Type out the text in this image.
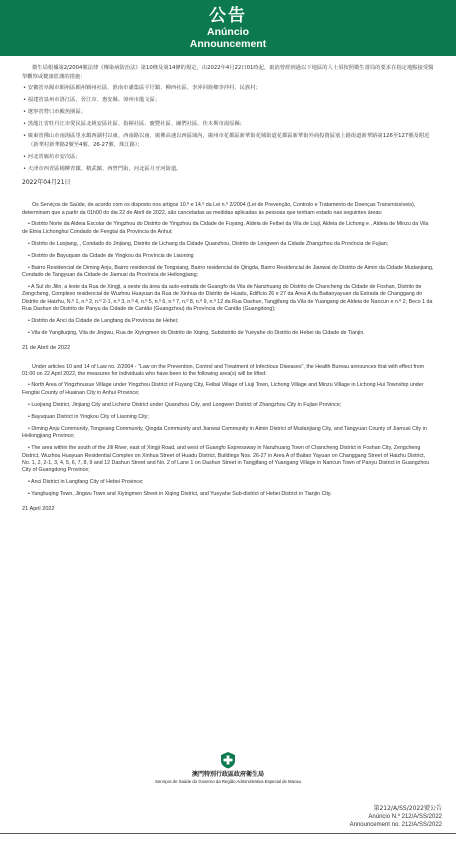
公告
Anúncio
Announcement

衛生局根據第2/2004號法律《傳染病防治法》第10條及第14條的規定，由2022年4月22日01時起，取消曾經到過以下地區的人士須按照衛生當局的要求在指定地點接受醫學觀察或健康監測的措施：

• 安徽省阜陽市穎州區穎州穎州社區、淮南市潘集區平圩鎮、柳西社區、李沖回族鄉李沖村、民族村；

• 福建省泉州市洛江區、晉江市、惠安縣、漳州市龍文區；

• 遼寧省營口市鮁魚圈區；

• 黑龍江省牡丹江市愛民區北姚安區社區、指揮社區、慶豐社區、圖們社區、佳木斯市湯原縣；

• 廣東省佛山市南海區里水鎮西湖村以東、西南路以南、廣佛高速以西區域內，廣州市花都區新華街花城街道花都區新華街外商投資區塞上路街道新華路第126至127號及附近（新華村新華路2號至4號、26-27號、珠江路）；

• 河北省廊坊市安次區；

• 天津市西青區楊柳青鎮、精武鎮、西營門街，河北區月牙河街道。

2022年04月21日

Os Serviços de Saúde, de acordo com os disposto nos artigos 10.º e 14.º da Lei n.º 2/2004 (Lei de Prevenção, Controlo e Tratamento de Doenças Transmissíveis), determinam que a partir da 01h00 do dia 22 de Abril de 2022, são canceladas as medidas aplicadas às pessoas que tenham estado nas seguintes áreas:

• Distrito Norte da Aldeia Escolar de Yingzhou do Distrito de Yingzhou da Cidade de Fuyang, Aldeia de Feibei da Vila de Liuji, Aldeia de Lichong e , Aldeia de Minzu da Vila de Etnia Lichonghui Condado de Fengtai da Província de Anhui;

• Distrito de Luojiang, , Condado do Jinjiang, Distrito de Lichang da Cidade Quanzhou, Distrito de Longwen da Cidade Zhangzhou da Província de Fujian;

• Distrito de Bayuquan da Cidade de Yingkou da Província de Liaoning

• Bairro Residencial de Diming Anju, Bairro residencial de Tongxiang, Bairro residencial de Qingda, Bairro Residencial de Jianwai do Distrito de Aimin da Cidade Mudanjiang, Condado de Tangyuan da Cidade de Jiamusi da Província de Heilongjiang;

• A Sul do Jilin, a leste da Rua de Xingji, a oeste da área da auto-estrada de Guangfo da Vila de Nanzhuang do Distrito de Chancheng da Cidade de Foshan, Distrito de Zengcheng, Complexo residencial de Wuzhou Huayuan da Rua de Xinhua do Distrito de Huadu, Edifício 26 e 27 da Área A da Baitaoyayuan da Estrada de Changgang do Distrito de Haizhu, N.º 1, n.º 2, n.º 2-1, n.º 3, n.º 4, n.º 5, n.º 6, n.º 7, n.º 8, n.º 9, n.º 12 da Rua Dashun, Tangjifang da Vila de Yuangang de Aldeia de Nancun e n.º 2, Beco 1 da Rua Dashun do Distrito de Panyu da Cidade de Cantão (Guangzhou) da Província de Cantão (Guangdong);

• Distrito de Anci da Cidade de Langfang da Província de Hebei;

• Vila de Yangliuqing, Vila de Jingwu, Rua de Xiyingmen do Distrito de Xiqing, Subdistrito de Yueyahe do Distrito de Hebei da Cidade de Tianjin.

21 de Abril de 2022

Under articles 10 and 14 of Law no. 2/2004 - "Law on the Prevention, Control and Treatment of Infectious Diseases", the Health Bureau announces that with effect from 01:00 on 22 April 2022, the measures for individuals who have been to the following area(s) will be lifted:

• North Area of Yingzhouxue Village under Yingzhou District of Fuyang City, Feibal Village of Liuji Town, Lichong Village and Minzu Village in Lichong Hui Township under Fengtai County of Huainan City in Anhui Province;

• Luojiang District, Jinjiang City and Lichenz District under Quanzhou City, and Longwen District of Zhangzhou City in Fujian Province;

• Bayuquan District in Yingkou City of Liaoning City;

• Diming Anju Community, Tongxiang Community, Qingda Community and Jianwai Community in Aimin District of Mudanjiang City, and Tangyuan County of Jiamusi City in Heilongjiang Province;

• The area within the south of the Jili River, east of Xingji Road, and west of Guangfo Expressway in Nanzhuang Town of Chancheng District in Foshan City, Zengcheng District, Wuzhou Huayuan Residential Complex on Xinhua Street of Huadu District, Buildings Nos. 26-27 in Area A of Baitao Yayuan on Changgang Street of Haizhu District, No. 1, 2, 2-1, 3, 4, 5, 6, 7, 8, 9 and 12 Dashun Street and No. 2 of Lane 1 on Dashun Street in Tangjifang of Yuangang Village in Nancun Town of Panyu District in Guangzhou City of Guangdong Province;

• Anci District in Langfang City of Hebei Province;

• Yangliuqing Town, Jingwu Town and Xiyingmen Street in Xiqing District, and Yueyahe Sub-district of Hebei District in Tianjin City.

21 April 2022

澳門特別行政區政府衛生局
Serviços de Saúde do Governo da Região Administrativa Especial de Macau
第212/A/SS/2022號公告
Anúncio N.º 212/A/SS/2022
Announcement no. 212/A/SS/2022
